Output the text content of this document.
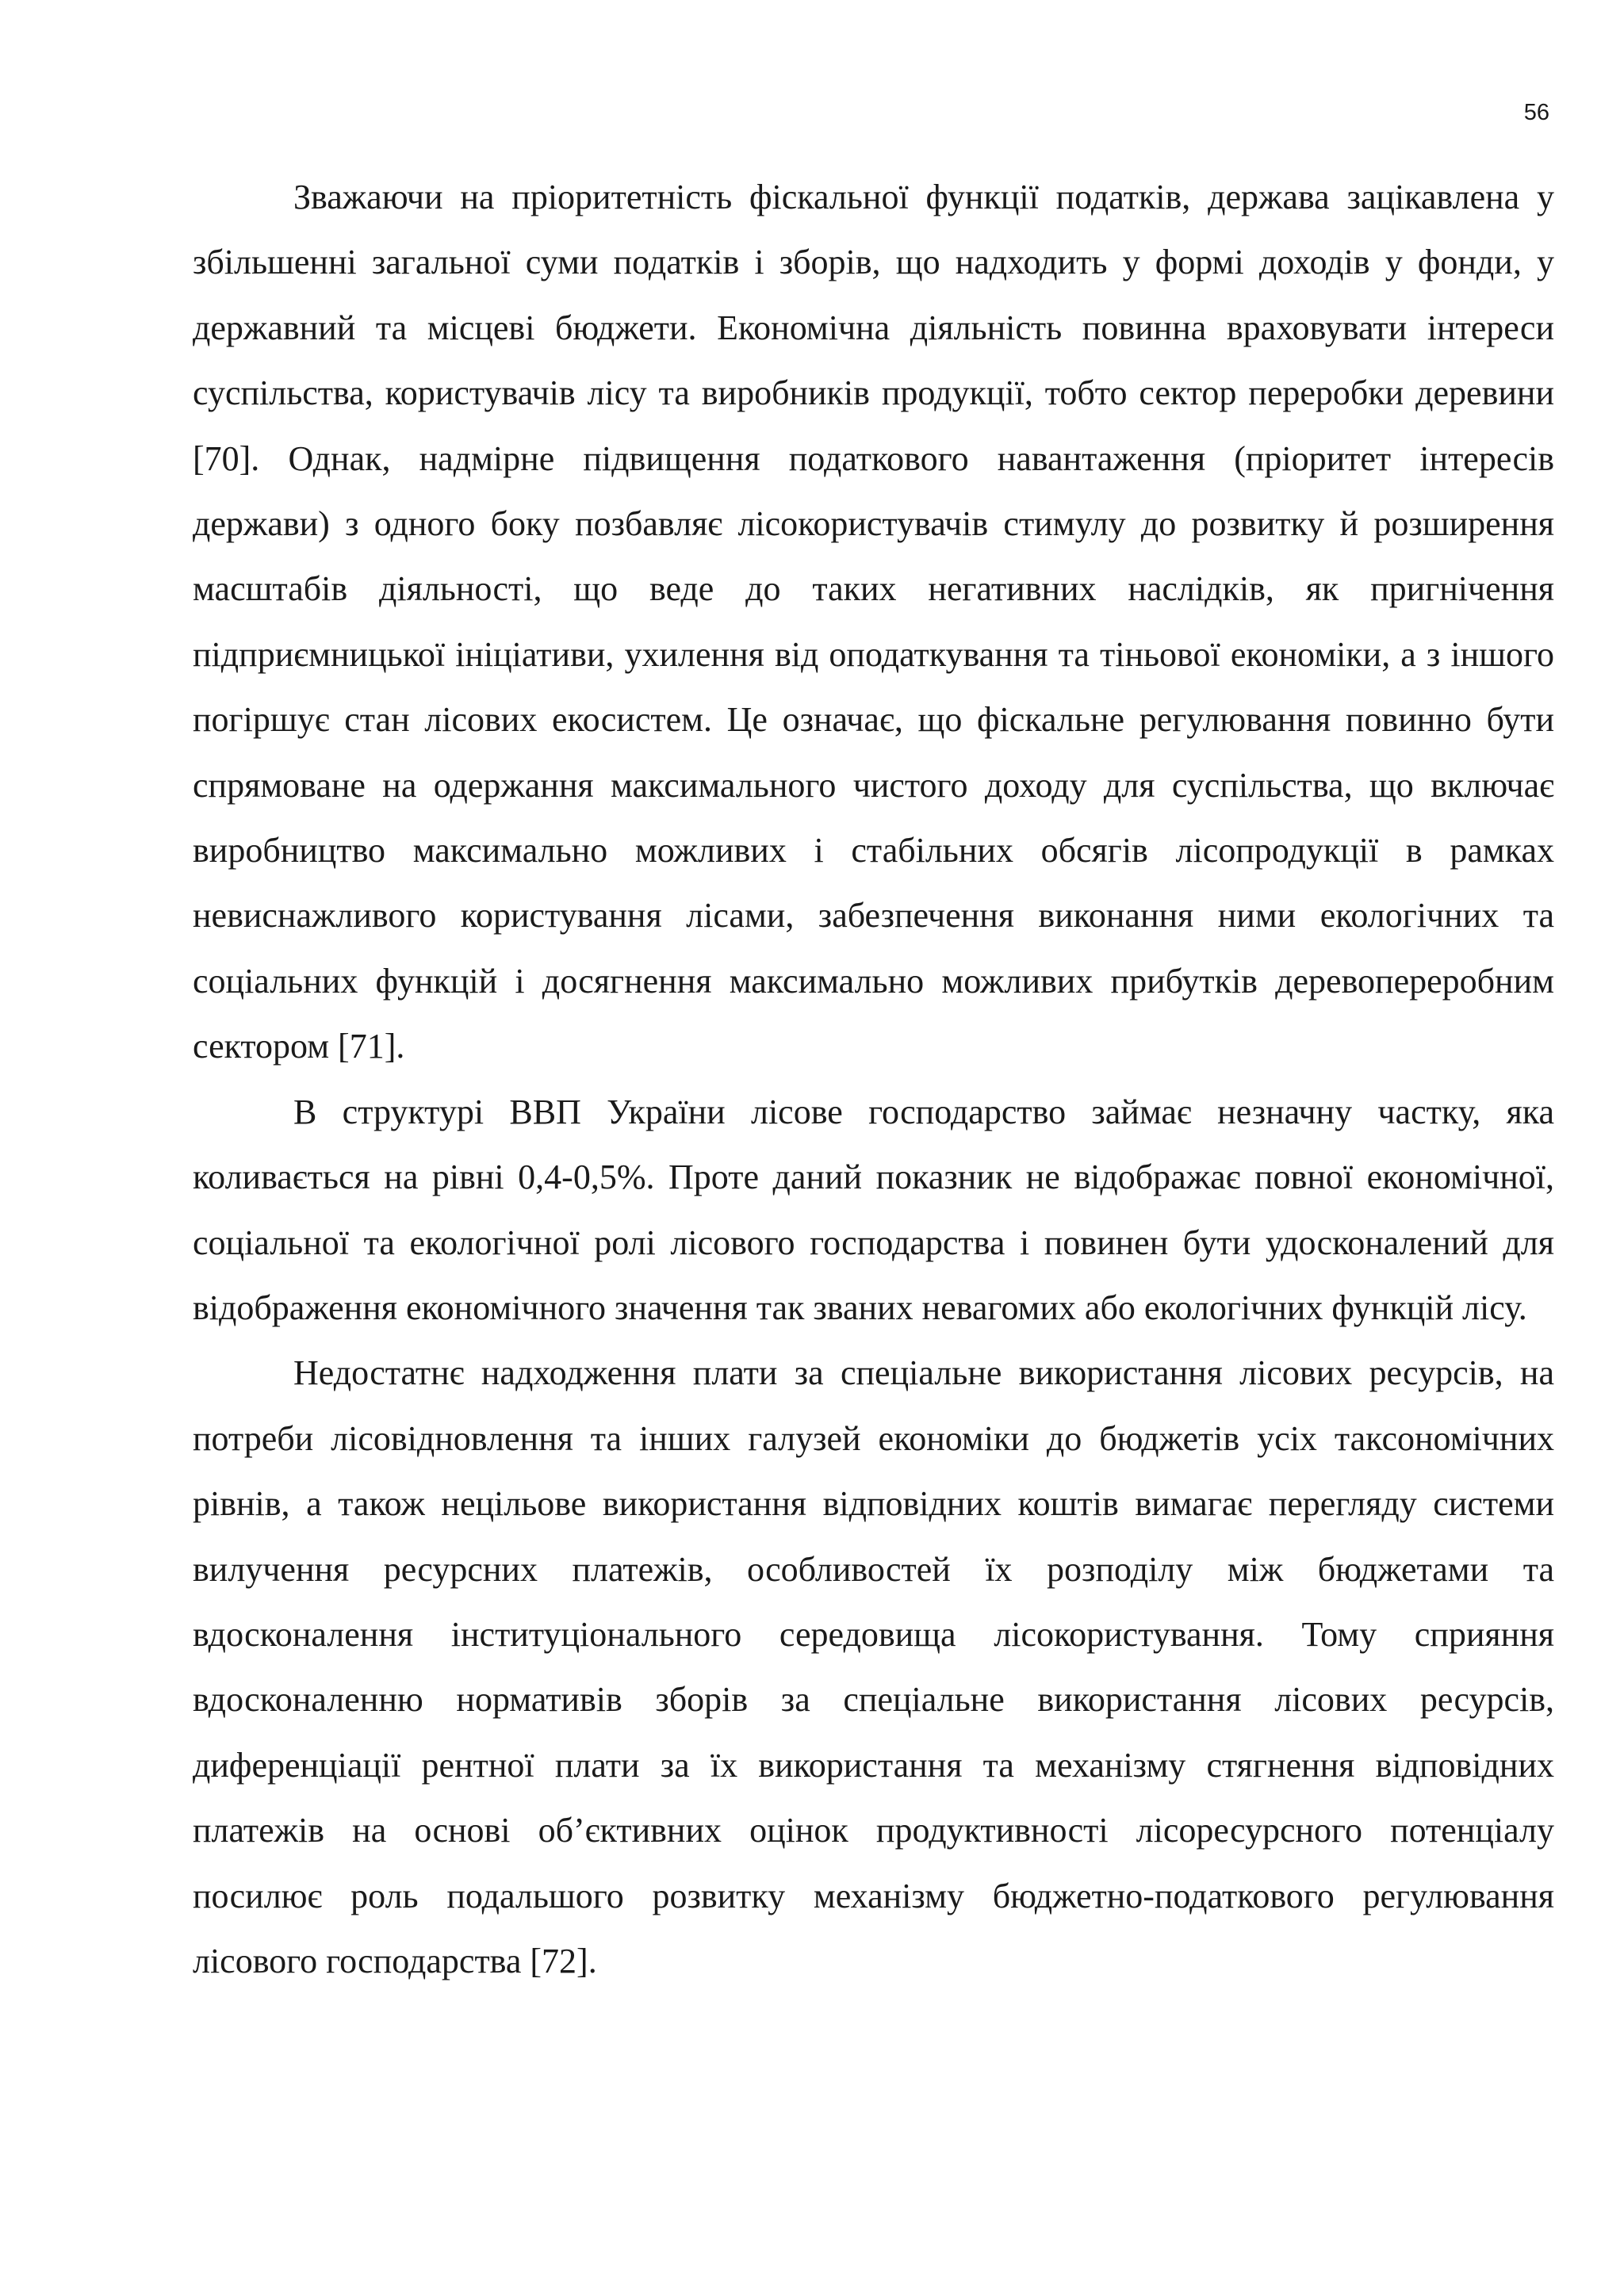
56

Зважаючи на пріоритетність фіскальної функції податків, держава зацікавлена у збільшенні загальної суми податків і зборів, що надходить у формі доходів у фонди, у державний та місцеві бюджети. Економічна діяльність повинна враховувати інтереси суспільства, користувачів лісу та виробників продукції, тобто сектор переробки деревини [70]. Однак, надмірне підвищення податкового навантаження (пріоритет інтересів держави) з одного боку позбавляє лісокористувачів стимулу до розвитку й розширення масштабів діяльності, що веде до таких негативних наслідків, як пригнічення підприємницької ініціативи, ухилення від оподаткування та тіньової економіки, а з іншого погіршує стан лісових екосистем. Це означає, що фіскальне регулювання повинно бути спрямоване на одержання максимального чистого доходу для суспільства, що включає виробництво максимально можливих і стабільних обсягів лісопродукції в рамках невиснажливого користування лісами, забезпечення виконання ними екологічних та соціальних функцій і досягнення максимально можливих прибутків деревопереробним сектором [71].

В структурі ВВП України лісове господарство займає незначну частку, яка коливається на рівні 0,4-0,5%. Проте даний показник не відображає повної економічної, соціальної та екологічної ролі лісового господарства і повинен бути удосконалений для відображення економічного значення так званих невагомих або екологічних функцій лісу.

Недостатнє надходження плати за спеціальне використання лісових ресурсів, на потреби лісовідновлення та інших галузей економіки до бюджетів усіх таксономічних рівнів, а також нецільове використання відповідних коштів вимагає перегляду системи вилучення ресурсних платежів, особливостей їх розподілу між бюджетами та вдосконалення інституціонального середовища лісокористування. Тому сприяння вдосконаленню нормативів зборів за спеціальне використання лісових ресурсів, диференціації рентної плати за їх використання та механізму стягнення відповідних платежів на основі об’єктивних оцінок продуктивності лісоресурсного потенціалу посилює роль подальшого розвитку механізму бюджетно-податкового регулювання лісового господарства [72].
